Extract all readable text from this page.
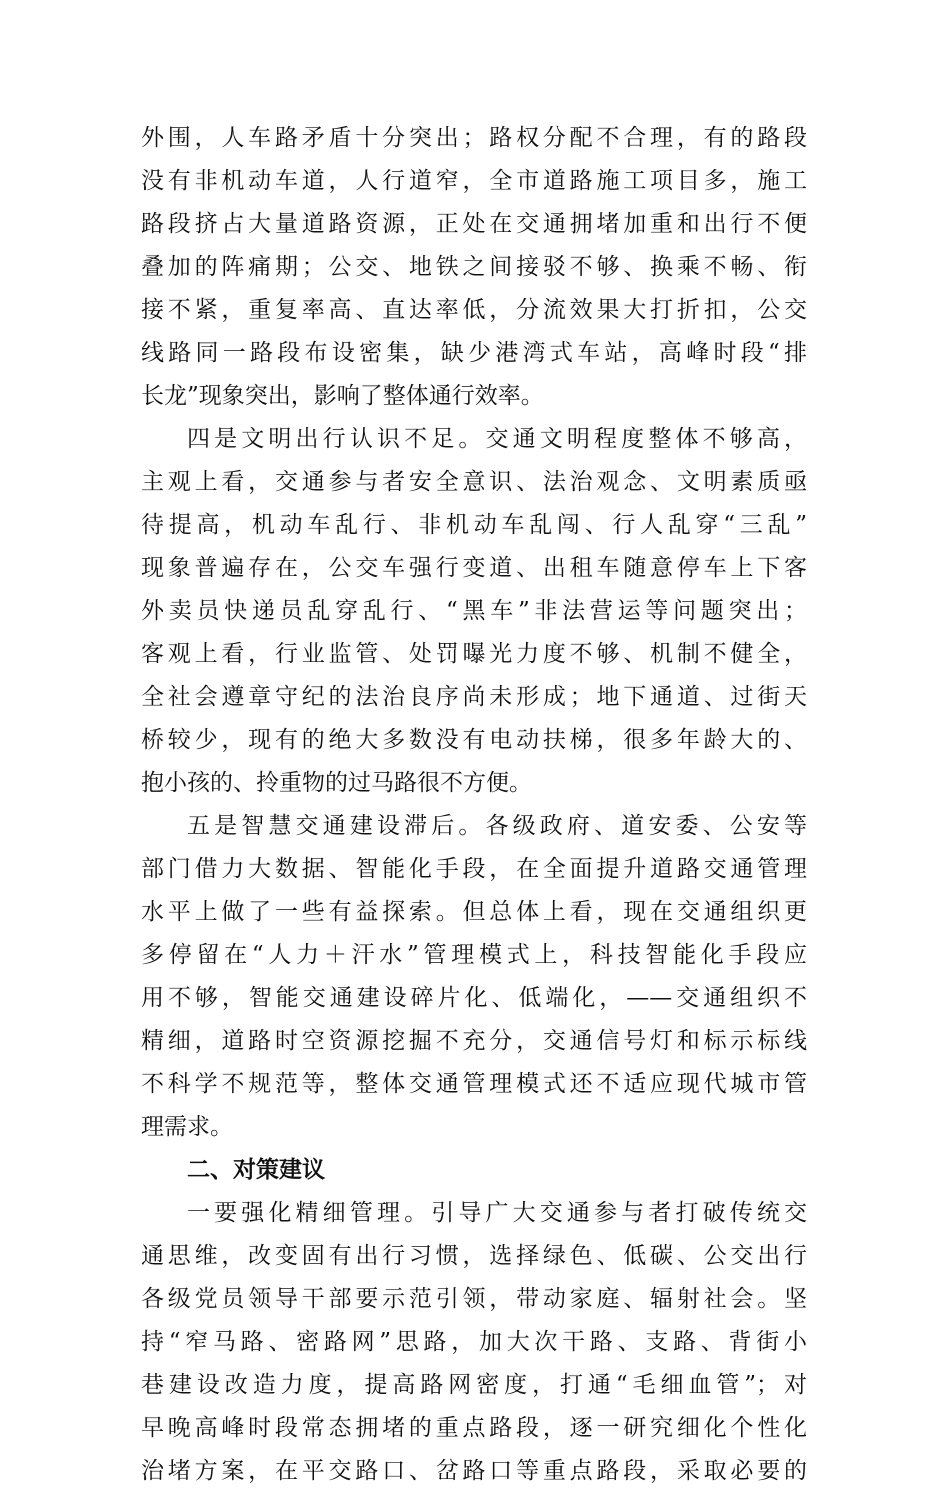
外围，人车路矛盾十分突出；路权分配不合理，有的路段
没有非机动车道，人行道窄，全市道路施工项目多，施工
路段挤占大量道路资源，正处在交通拥堵加重和出行不便
叠加的阵痛期；公交、地铁之间接驳不够、换乘不畅、衔
接不紧，重复率高、直达率低，分流效果大打折扣，公交
线路同一路段布设密集，缺少港湾式车站，高峰时段“排
长龙”现象突出，影响了整体通行效率。
四是文明出行认识不足。交通文明程度整体不够高，
主观上看，交通参与者安全意识、法治观念、文明素质亟
待提高，机动车乱行、非机动车乱闯、行人乱穿“三乱”
现象普遍存在，公交车强行变道、出租车随意停车上下客
外卖员快递员乱穿乱行、“黑车”非法营运等问题突出；
客观上看，行业监管、处罚曝光力度不够、机制不健全，
全社会遵章守纪的法治良序尚未形成；地下通道、过街天
桥较少，现有的绝大多数没有电动扶梯，很多年龄大的、
抱小孩的、拎重物的过马路很不方便。
五是智慧交通建设滞后。各级政府、道安委、公安等
部门借力大数据、智能化手段，在全面提升道路交通管理
水平上做了一些有益探索。但总体上看，现在交通组织更
多停留在“人力＋汗水”管理模式上，科技智能化手段应
用不够，智能交通建设碎片化、低端化，——交通组织不
精细，道路时空资源挖掘不充分，交通信号灯和标示标线
不科学不规范等，整体交通管理模式还不适应现代城市管
理需求。
二、对策建议
一要强化精细管理。引导广大交通参与者打破传统交
通思维，改变固有出行习惯，选择绿色、低碳、公交出行
各级党员领导干部要示范引领，带动家庭、辐射社会。坚
持“窄马路、密路网”思路，加大次干路、支路、背街小
巷建设改造力度，提高路网密度，打通“毛细血管”；对
早晚高峰时段常态拥堵的重点路段，逐一研究细化个性化
治堵方案，在平交路口、岔路口等重点路段，采取必要的
